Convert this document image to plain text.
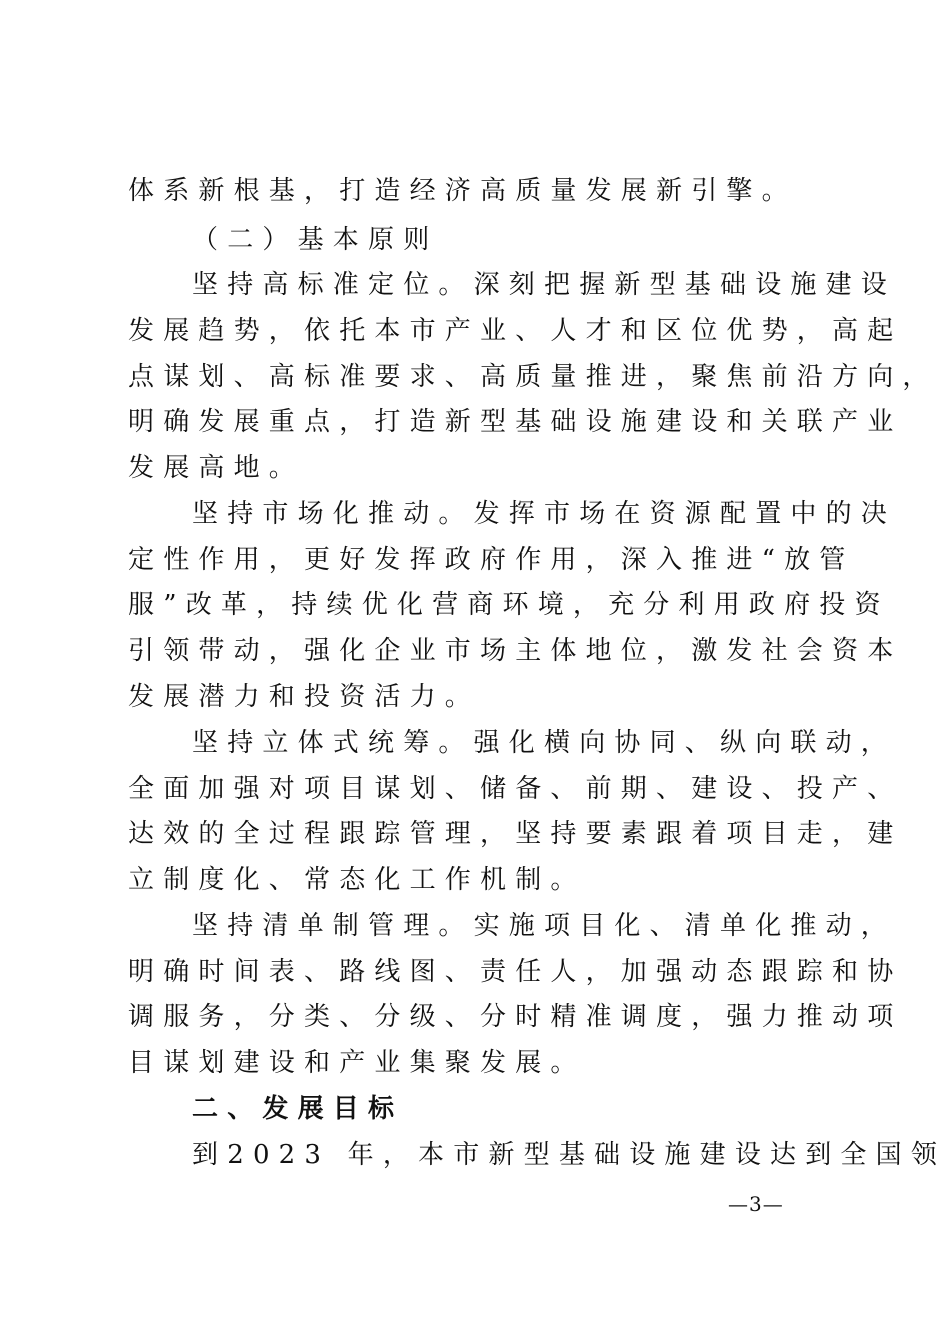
体系新根基，打造经济高质量发展新引擎。
（二）基本原则
坚持高标准定位。深刻把握新型基础设施建设
发展趋势，依托本市产业、人才和区位优势，高起
点谋划、高标准要求、高质量推进，聚焦前沿方向，
明确发展重点，打造新型基础设施建设和关联产业
发展高地。
坚持市场化推动。发挥市场在资源配置中的决
定性作用，更好发挥政府作用，深入推进“放管
服”改革，持续优化营商环境，充分利用政府投资
引领带动，强化企业市场主体地位，激发社会资本
发展潜力和投资活力。
坚持立体式统筹。强化横向协同、纵向联动，
全面加强对项目谋划、储备、前期、建设、投产、
达效的全过程跟踪管理，坚持要素跟着项目走，建
立制度化、常态化工作机制。
坚持清单制管理。实施项目化、清单化推动，
明确时间表、路线图、责任人，加强动态跟踪和协
调服务，分类、分级、分时精准调度，强力推动项
目谋划建设和产业集聚发展。
二、发展目标
到2023 年，本市新型基础设施建设达到全国领
—3—
